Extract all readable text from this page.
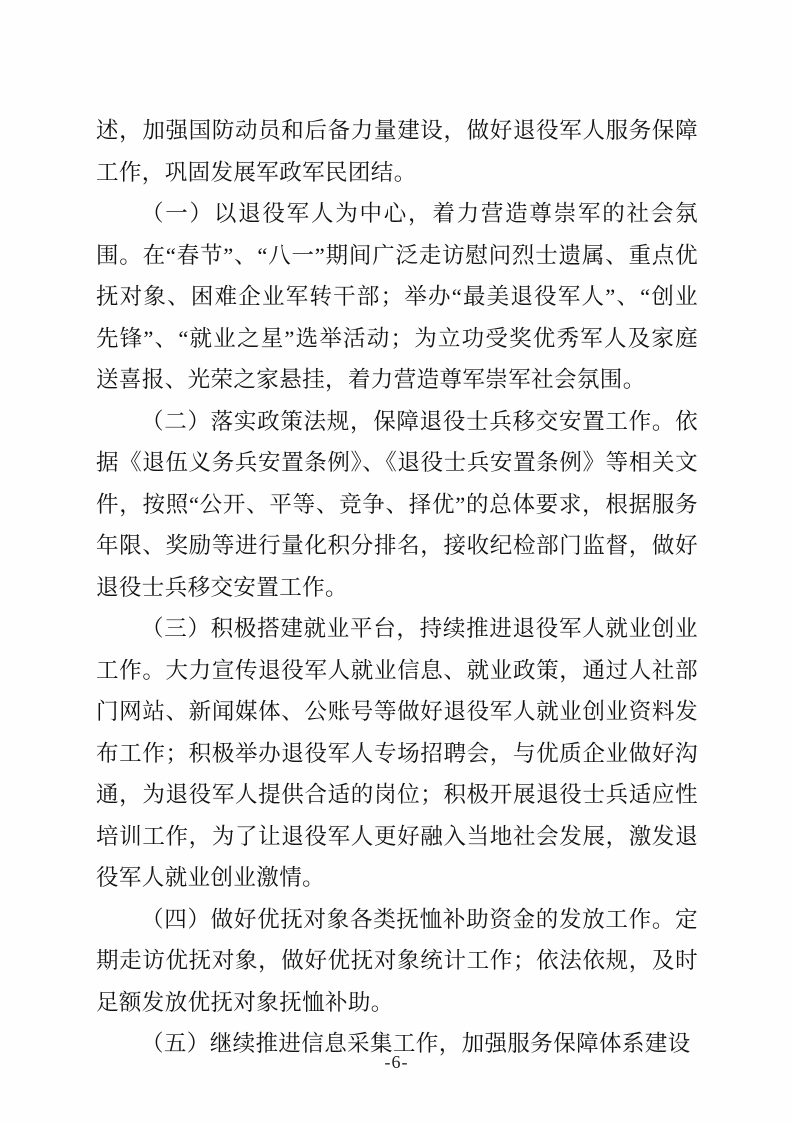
述，加强国防动员和后备力量建设，做好退役军人服务保障工作，巩固发展军政军民团结。

（一）以退役军人为中心，着力营造尊崇军的社会氛围。在“春节”、“八一”期间广泛走访慰问烈士遗属、重点优抚对象、困难企业军转干部；举办“最美退役军人”、“创业先锋”、“就业之星”选举活动；为立功受奖优秀军人及家庭送喜报、光荣之家悬挂，着力营造尊军崇军社会氛围。

（二）落实政策法规，保障退役士兵移交安置工作。依据《退伍义务兵安置条例》、《退役士兵安置条例》等相关文件，按照“公开、平等、竞争、择优”的总体要求，根据服务年限、奖励等进行量化积分排名，接收纪检部门监督，做好退役士兵移交安置工作。

（三）积极搭建就业平台，持续推进退役军人就业创业工作。大力宣传退役军人就业信息、就业政策，通过人社部门网站、新闻媒体、公账号等做好退役军人就业创业资料发布工作；积极举办退役军人专场招聘会，与优质企业做好沟通，为退役军人提供合适的岗位；积极开展退役士兵适应性培训工作，为了让退役军人更好融入当地社会发展，激发退役军人就业创业激情。

（四）做好优抚对象各类抚恤补助资金的发放工作。定期走访优抚对象，做好优抚对象统计工作；依法依规，及时足额发放优抚对象抚恤补助。

（五）继续推进信息采集工作，加强服务保障体系建设

-6-
